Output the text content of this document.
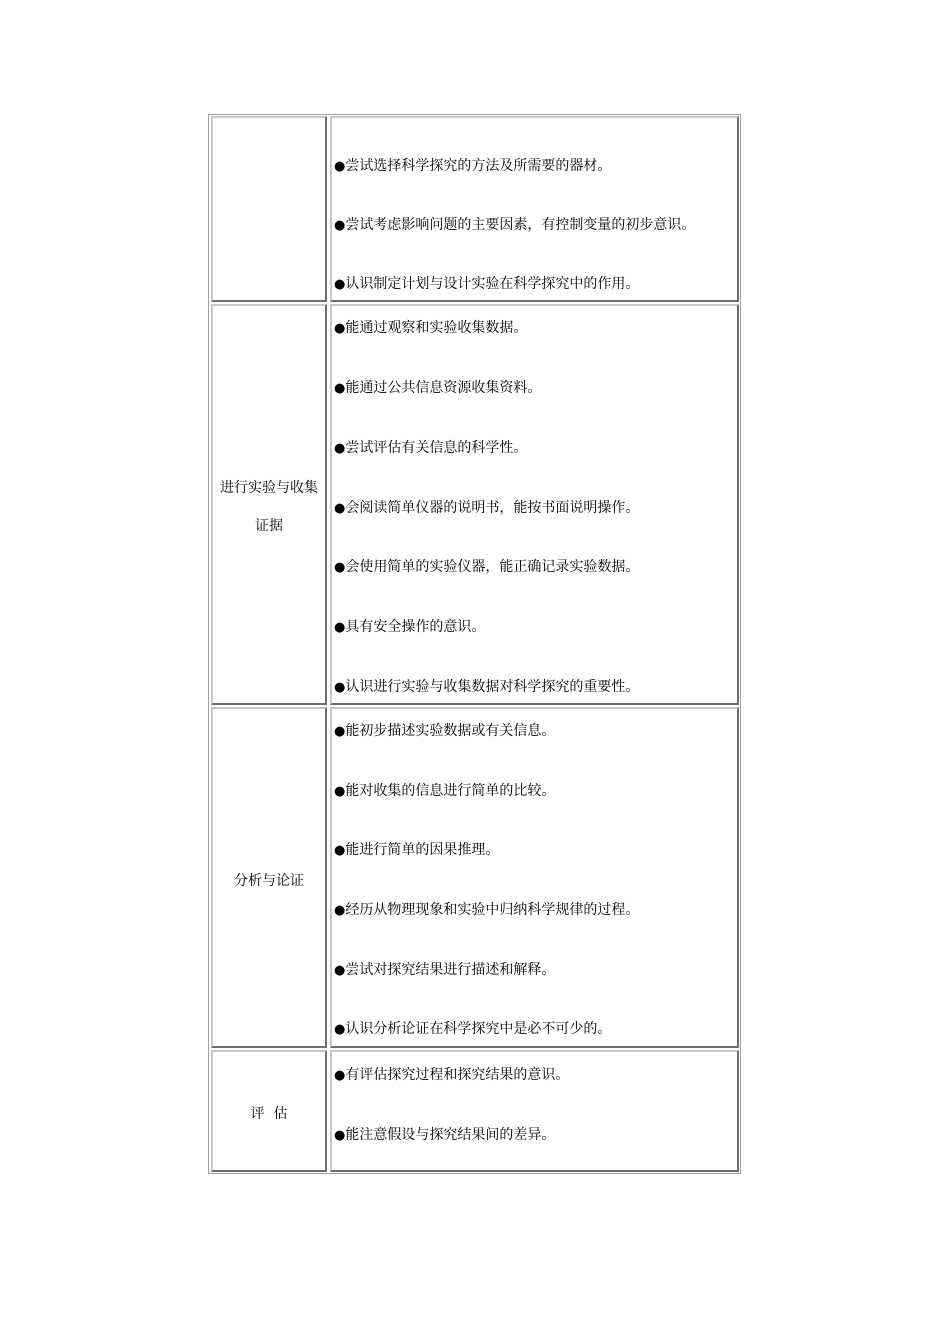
●尝试选择科学探究的方法及所需要的器材。
●尝试考虑影响问题的主要因素，有控制变量的初步意识。
●认识制定计划与设计实验在科学探究中的作用。
进行实验与收集
证据
●能通过观察和实验收集数据。
●能通过公共信息资源收集资料。
●尝试评估有关信息的科学性。
●会阅读简单仪器的说明书，能按书面说明操作。
●会使用简单的实验仪器，能正确记录实验数据。
●具有安全操作的意识。
●认识进行实验与收集数据对科学探究的重要性。
分析与论证
●能初步描述实验数据或有关信息。
●能对收集的信息进行简单的比较。
●能进行简单的因果推理。
●经历从物理现象和实验中归纳科学规律的过程。
●尝试对探究结果进行描述和解释。
●认识分析论证在科学探究中是必不可少的。
评  估
●有评估探究过程和探究结果的意识。
●能注意假设与探究结果间的差异。
